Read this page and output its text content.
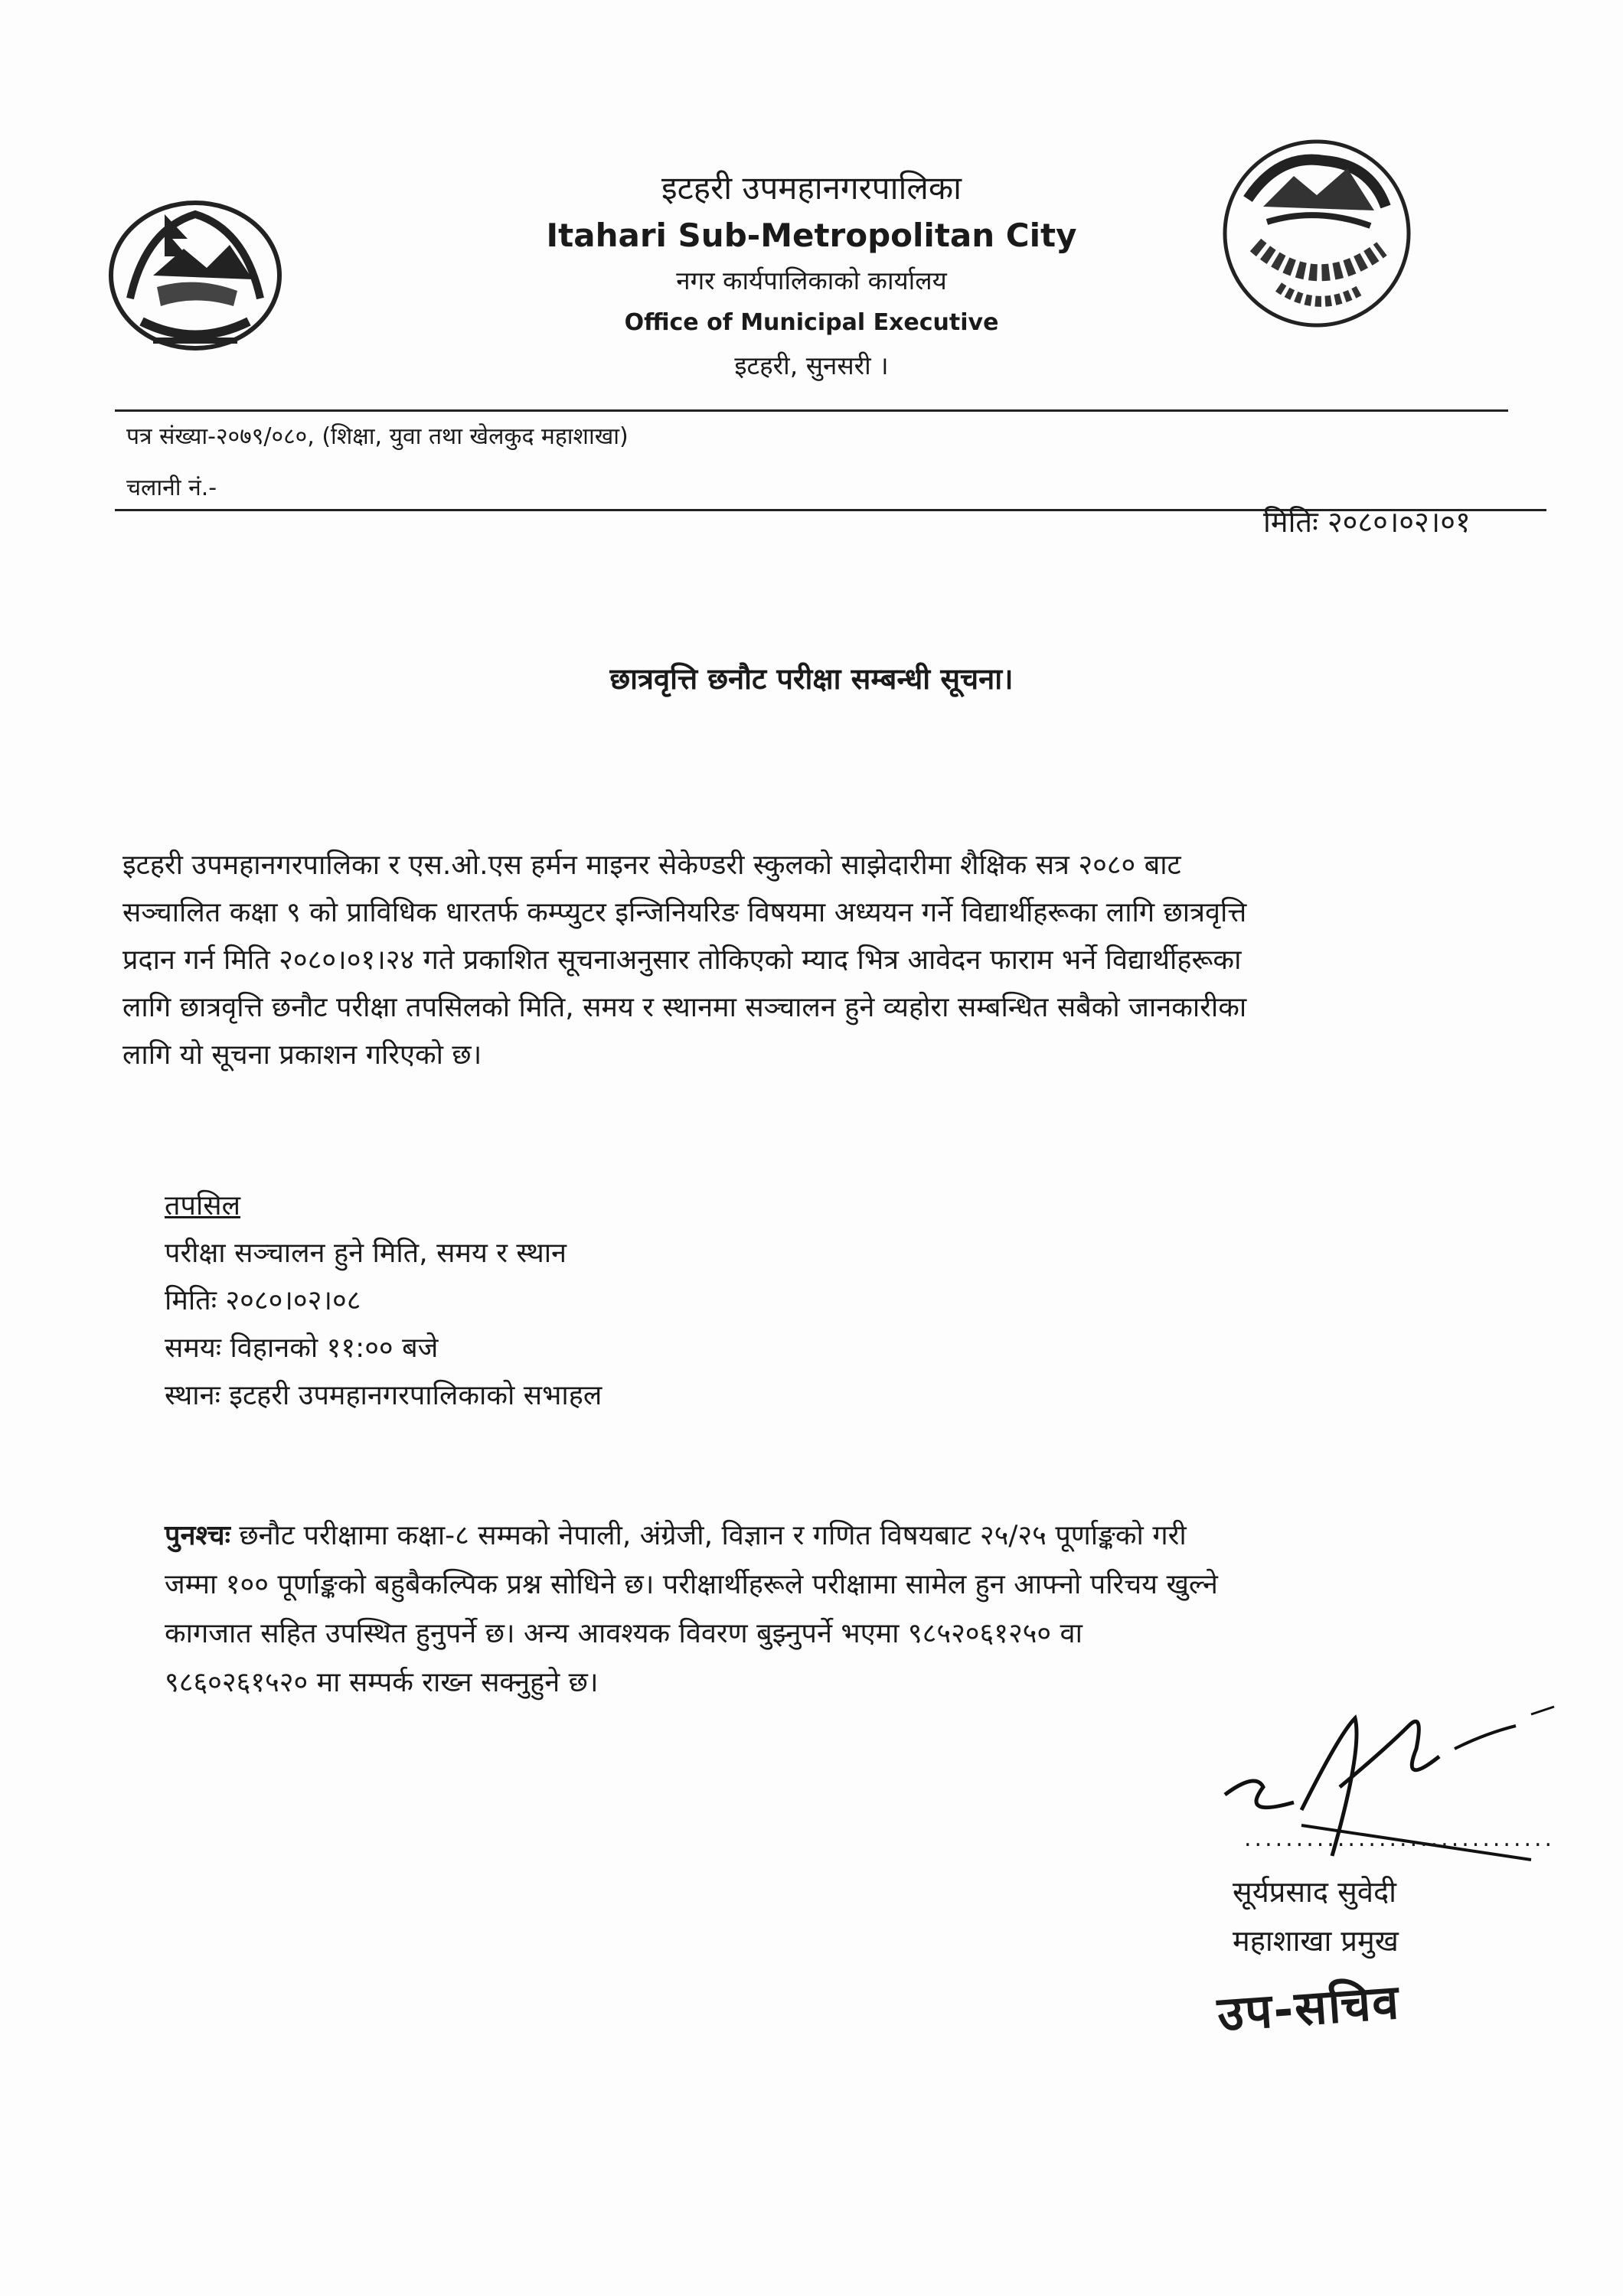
इटहरी उपमहानगरपालिका
Itahari Sub-Metropolitan City
नगर कार्यपालिकाको कार्यालय
Office of Municipal Executive
इटहरी, सुनसरी ।
पत्र संख्या-२०७९/०८०, (शिक्षा, युवा तथा खेलकुद महाशाखा)
चलानी नं.-
मितिः २०८०।०२।०१
छात्रवृत्ति छनौट परीक्षा सम्बन्धी सूचना।
इटहरी उपमहानगरपालिका र एस.ओ.एस हर्मन माइनर सेकेण्डरी स्कुलको साझेदारीमा शैक्षिक सत्र २०८० बाट
सञ्चालित कक्षा ९ को प्राविधिक धारतर्फ कम्प्युटर इन्जिनियरिङ विषयमा अध्ययन गर्ने विद्यार्थीहरूका लागि छात्रवृत्ति
प्रदान गर्न मिति २०८०।०१।२४ गते प्रकाशित सूचनाअनुसार तोकिएको म्याद भित्र आवेदन फाराम भर्ने विद्यार्थीहरूका
लागि छात्रवृत्ति छनौट परीक्षा तपसिलको मिति, समय र स्थानमा सञ्चालन हुने व्यहोरा सम्बन्धित सबैको जानकारीका
लागि यो सूचना प्रकाशन गरिएको छ।
तपसिल
परीक्षा सञ्चालन हुने मिति, समय र स्थान
मितिः २०८०।०२।०८
समयः विहानको ११:०० बजे
स्थानः इटहरी उपमहानगरपालिकाको सभाहल
पुनश्चः छनौट परीक्षामा कक्षा-८ सम्मको नेपाली, अंग्रेजी, विज्ञान र गणित विषयबाट २५/२५ पूर्णाङ्कको गरी
जम्मा १०० पूर्णाङ्कको बहुबैकल्पिक प्रश्न सोधिने छ। परीक्षार्थीहरूले परीक्षामा सामेल हुन आफ्नो परिचय खुल्ने
कागजात सहित उपस्थित हुनुपर्ने छ। अन्य आवश्यक विवरण बुझ्नुपर्ने भएमा ९८५२०६१२५० वा
९८६०२६१५२० मा सम्पर्क राख्न सक्नुहुने छ।
..............................
सूर्यप्रसाद सुवेदी
महाशाखा प्रमुख
उप-सचिव
